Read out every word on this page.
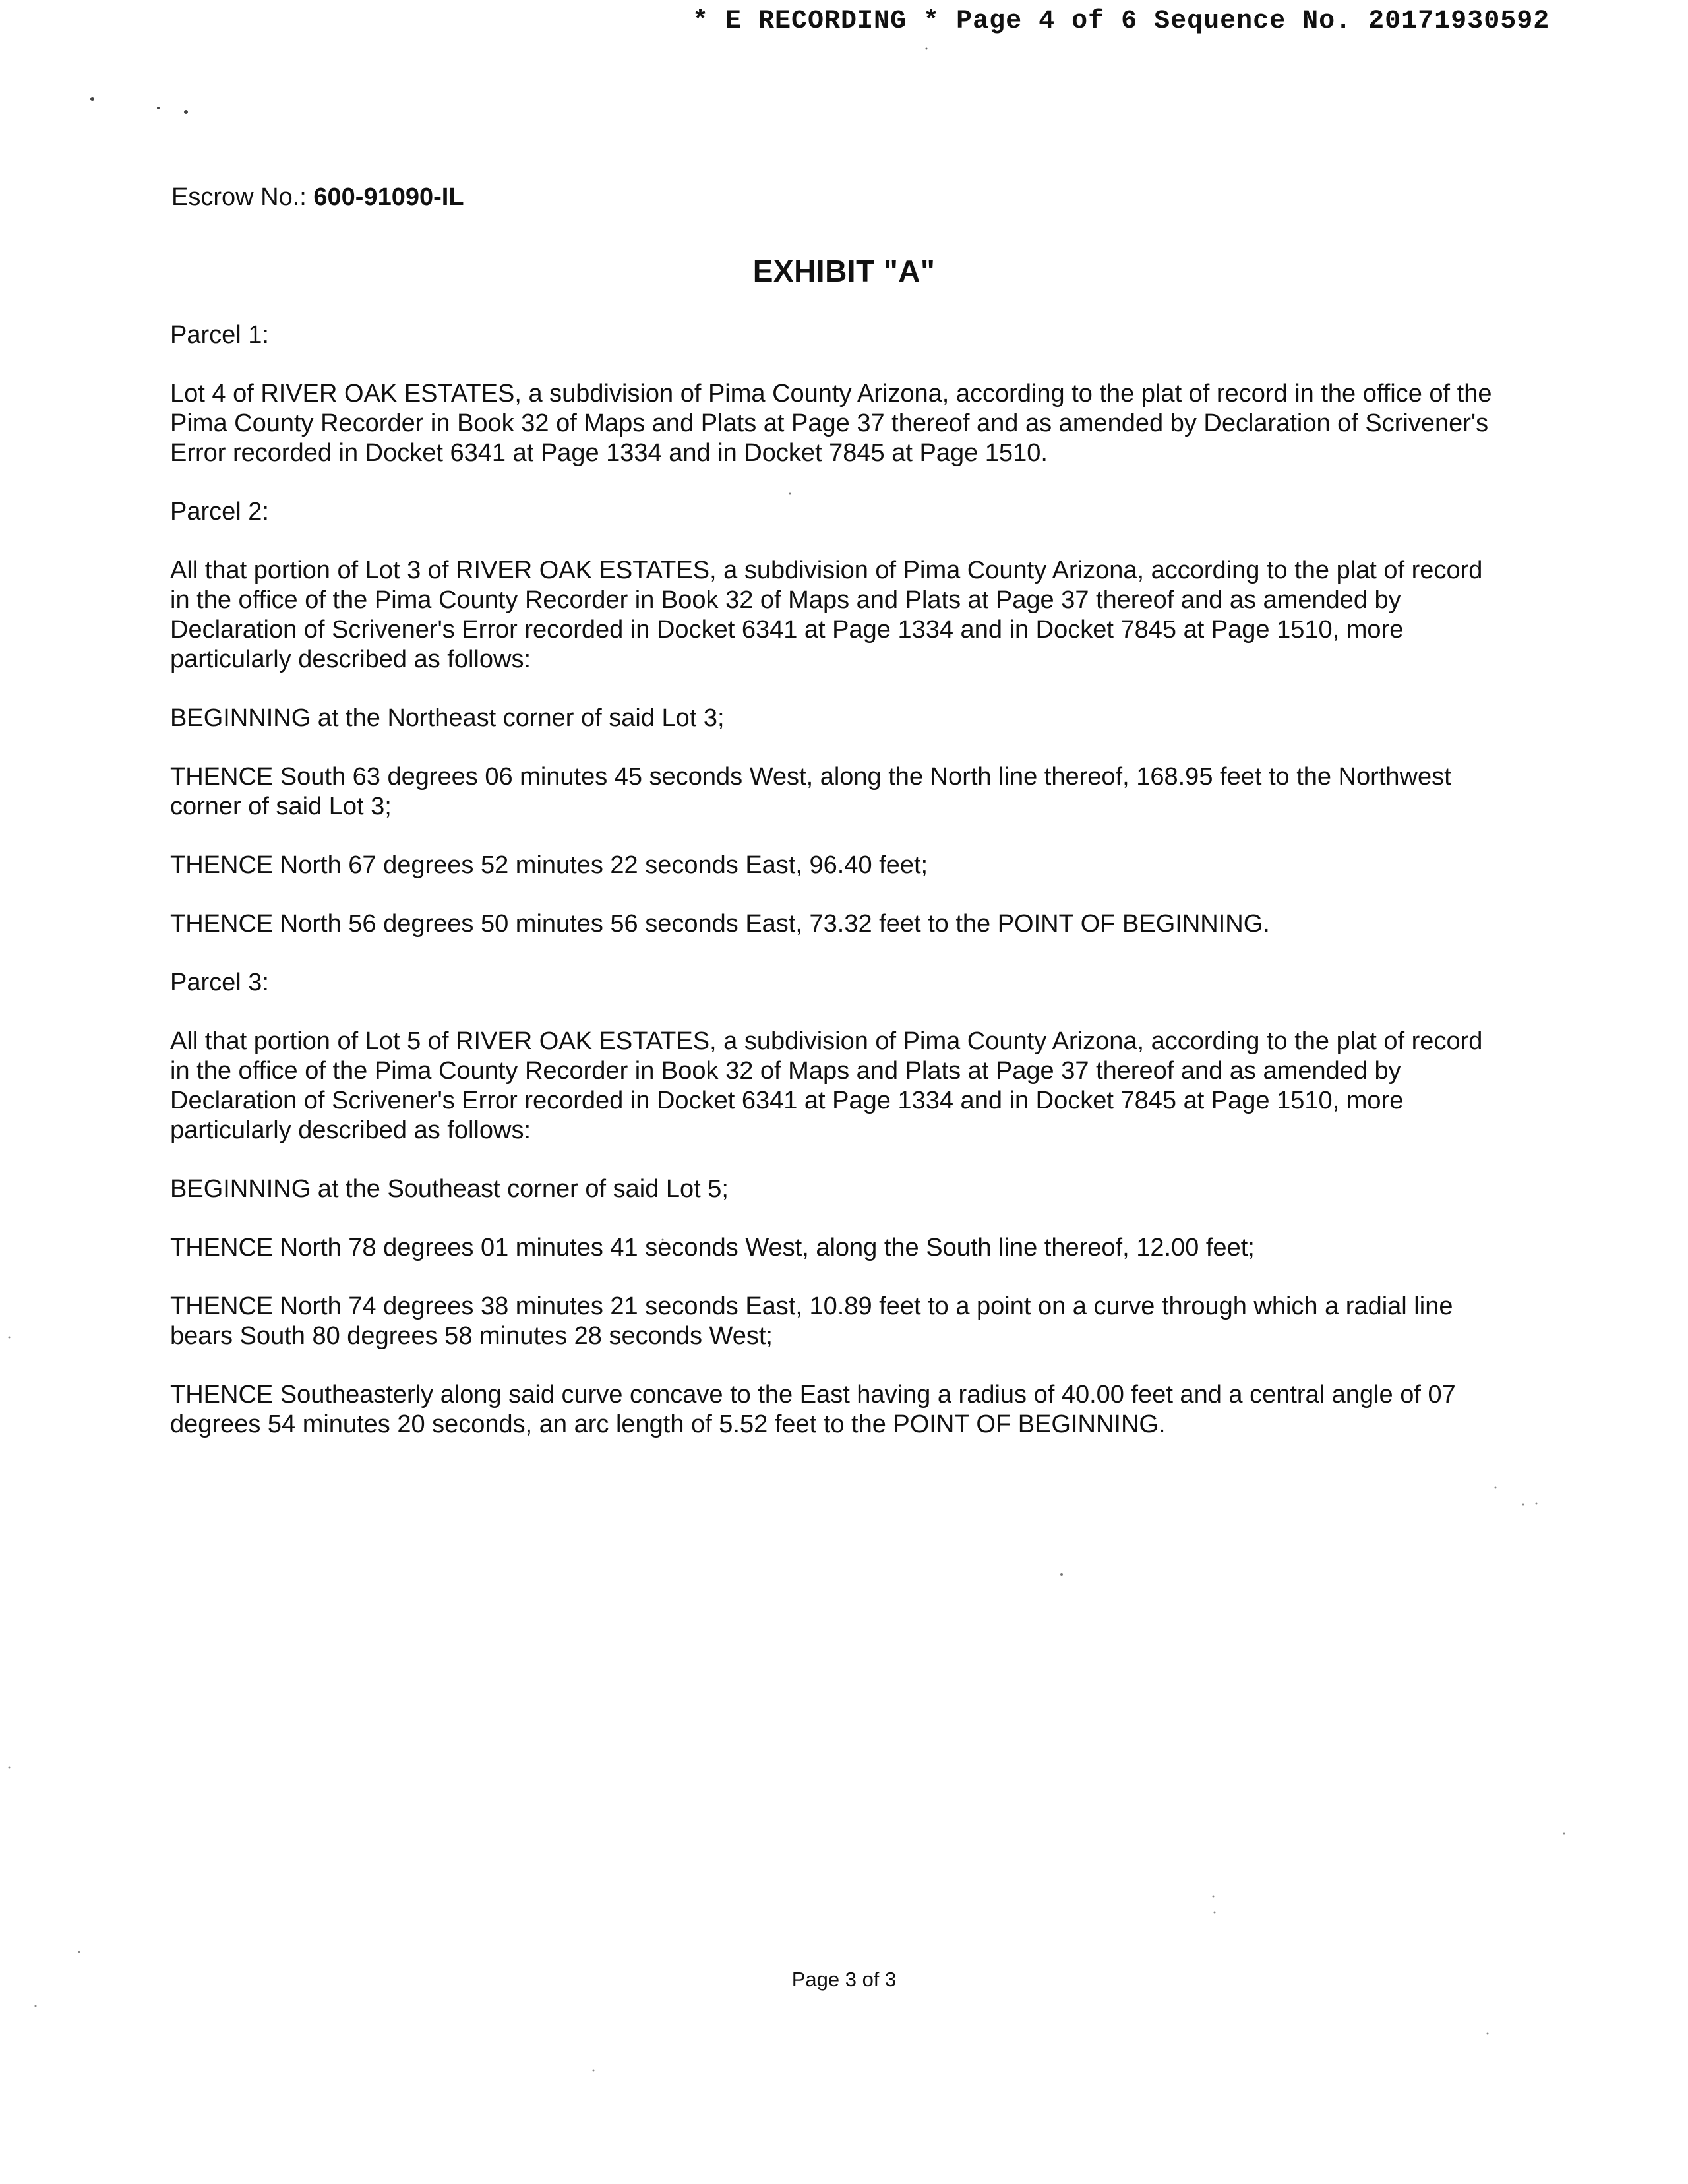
* E RECORDING * Page 4 of 6 Sequence No. 20171930592
Escrow No.: 600-91090-IL
EXHIBIT "A"

Parcel 1:

Lot 4 of RIVER OAK ESTATES, a subdivision of Pima County Arizona, according to the plat of record in the office of the Pima County Recorder in Book 32 of Maps and Plats at Page 37 thereof and as amended by Declaration of Scrivener's Error recorded in Docket 6341 at Page 1334 and in Docket 7845 at Page 1510.

Parcel 2:

All that portion of Lot 3 of RIVER OAK ESTATES, a subdivision of Pima County Arizona, according to the plat of record in the office of the Pima County Recorder in Book 32 of Maps and Plats at Page 37 thereof and as amended by Declaration of Scrivener's Error recorded in Docket 6341 at Page 1334 and in Docket 7845 at Page 1510, more particularly described as follows:

BEGINNING at the Northeast corner of said Lot 3;

THENCE South 63 degrees 06 minutes 45 seconds West, along the North line thereof, 168.95 feet to the Northwest corner of said Lot 3;

THENCE North 67 degrees 52 minutes 22 seconds East, 96.40 feet;

THENCE North 56 degrees 50 minutes 56 seconds East, 73.32 feet to the POINT OF BEGINNING.

Parcel 3:

All that portion of Lot 5 of RIVER OAK ESTATES, a subdivision of Pima County Arizona, according to the plat of record in the office of the Pima County Recorder in Book 32 of Maps and Plats at Page 37 thereof and as amended by Declaration of Scrivener's Error recorded in Docket 6341 at Page 1334 and in Docket 7845 at Page 1510, more particularly described as follows:

BEGINNING at the Southeast corner of said Lot 5;

THENCE North 78 degrees 01 minutes 41 seconds West, along the South line thereof, 12.00 feet;

THENCE North 74 degrees 38 minutes 21 seconds East, 10.89 feet to a point on a curve through which a radial line bears South 80 degrees 58 minutes 28 seconds West;

THENCE Southeasterly along said curve concave to the East having a radius of 40.00 feet and a central angle of 07 degrees 54 minutes 20 seconds, an arc length of 5.52 feet to the POINT OF BEGINNING.

Page 3 of 3
